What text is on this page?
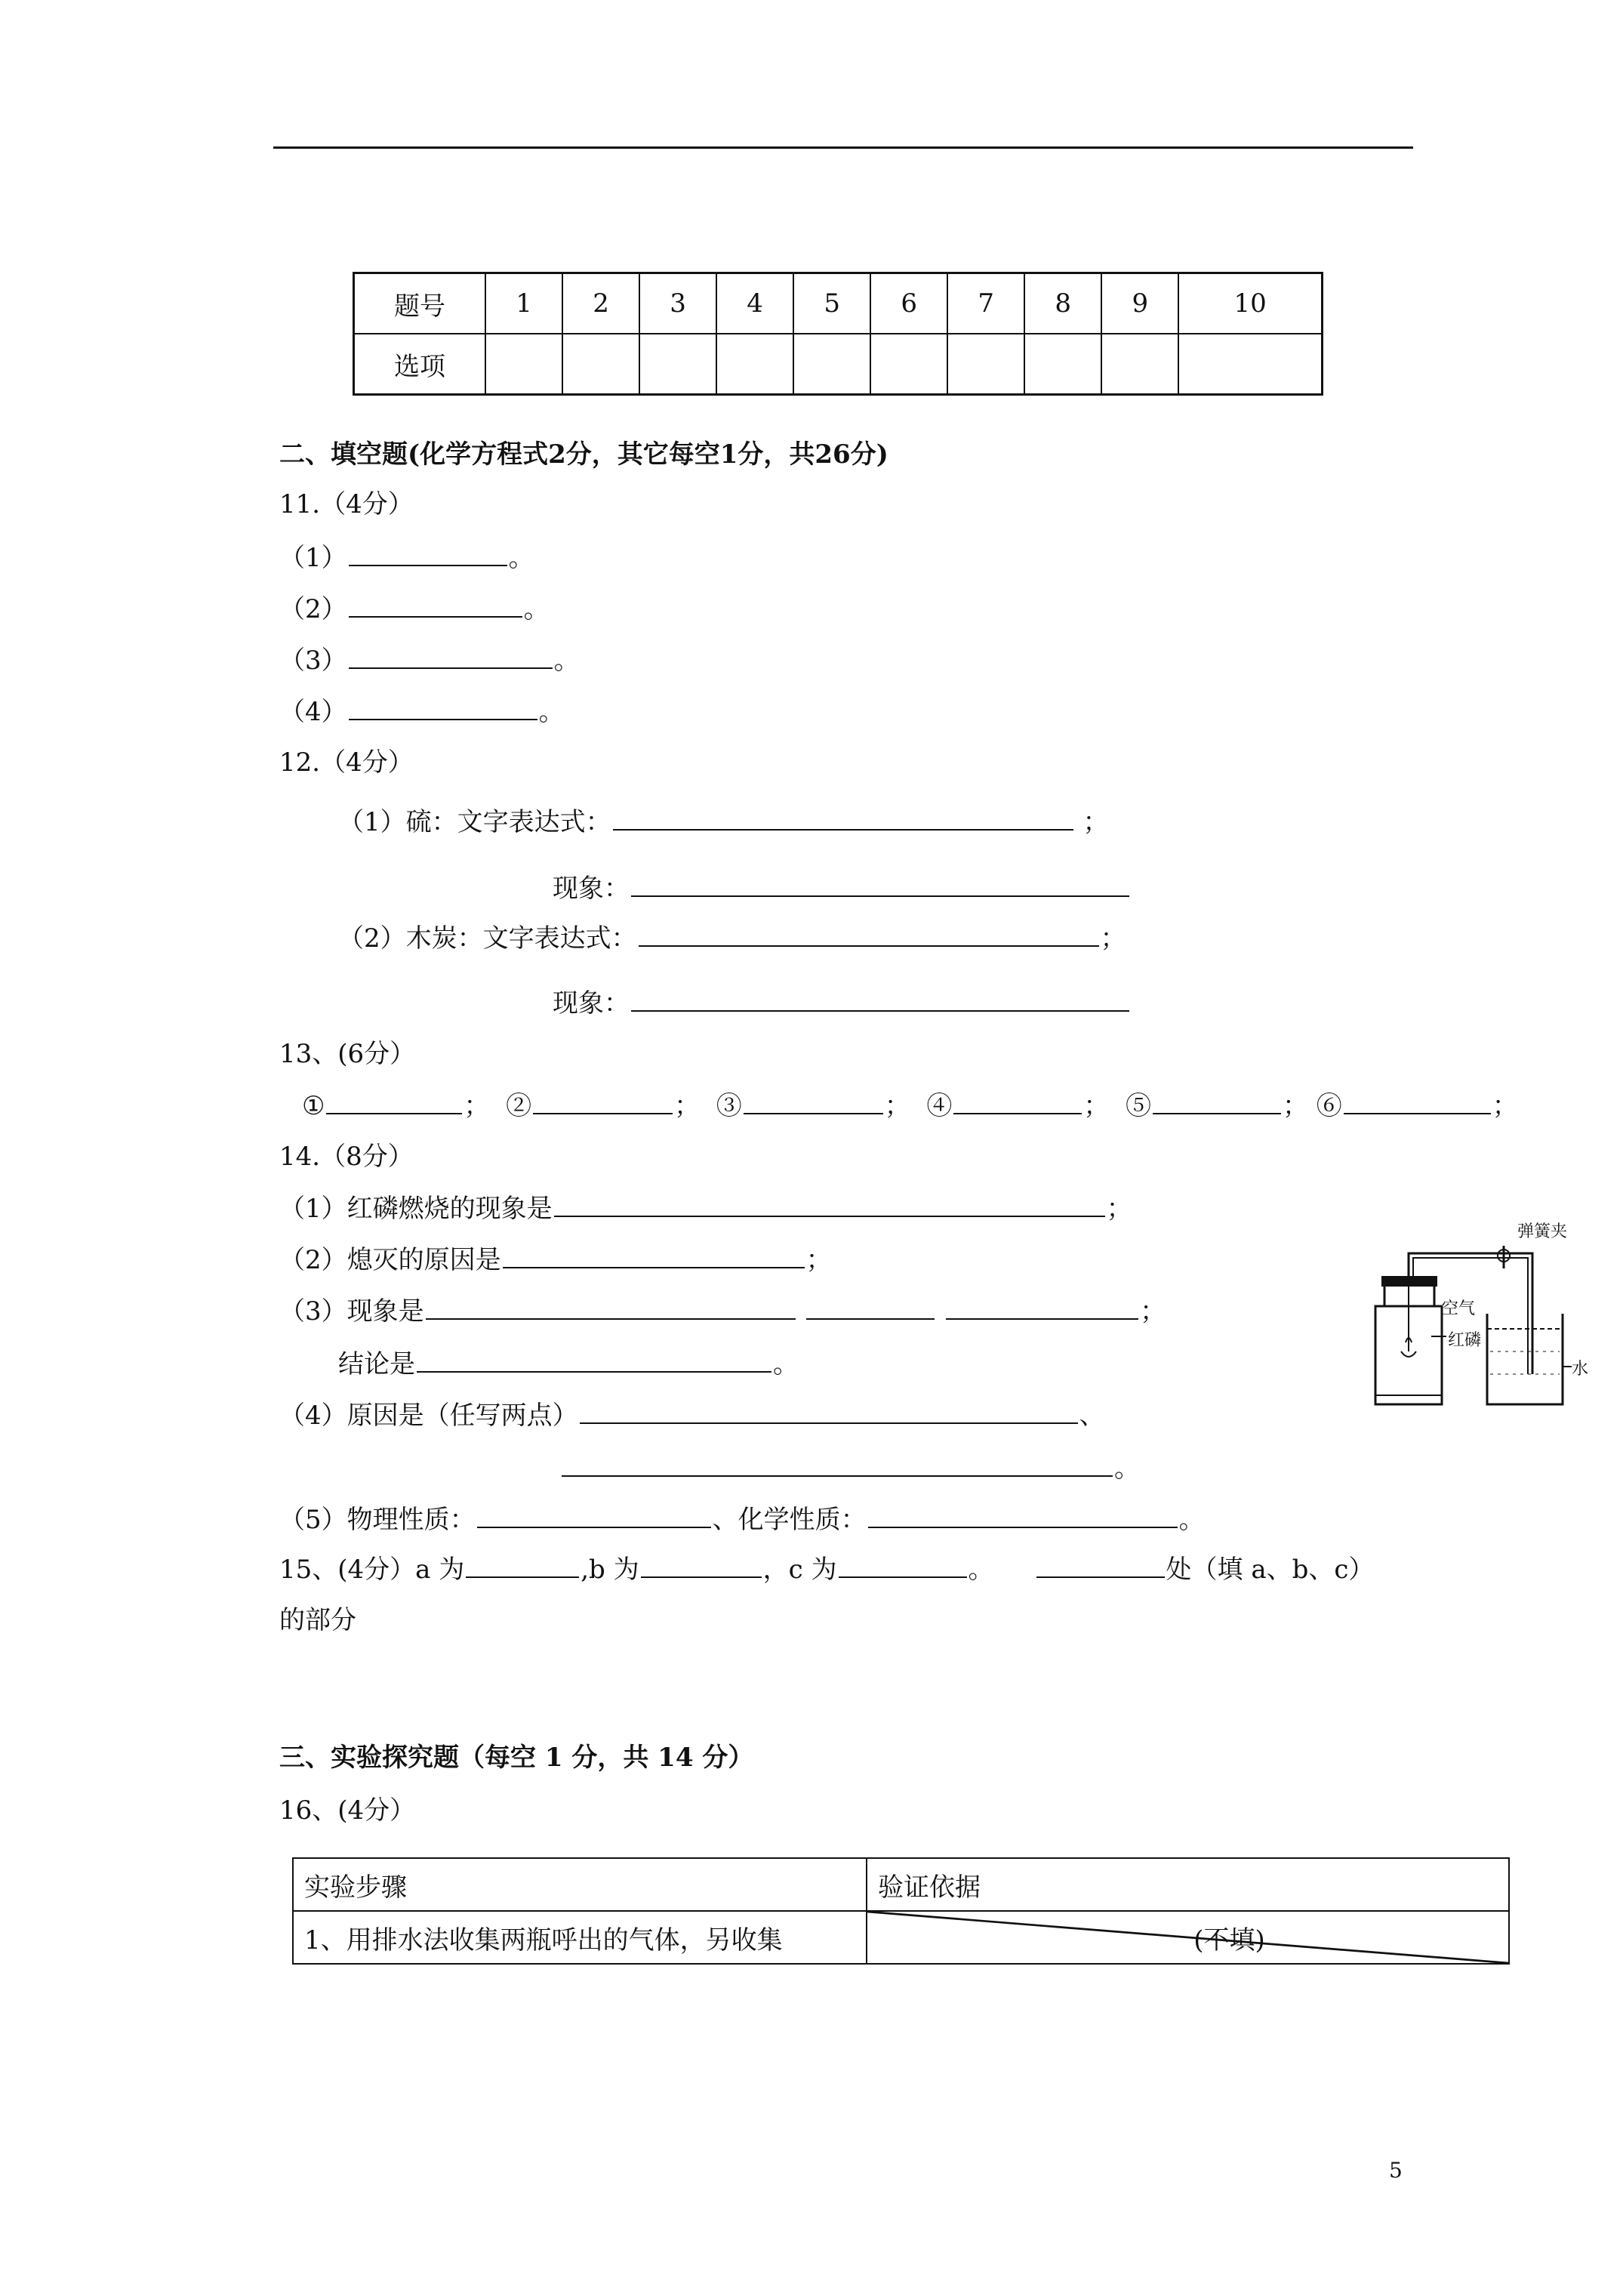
题号	1	2	3	4	5	6	7	8	9	10
选项										
二、填空题(化学方程式2分，其它每空1分，共26分)
11.（4分）
（1）	。
（2）	。
（3）	。
（4）	。
12.（4分）
（1）硫：文字表达式：	；
现象：
（2）木炭：文字表达式：	；
现象：
13、(6分）
①	； ②	； ③	； ④	； ⑤	； ⑥	；
14.（8分）
（1）红磷燃烧的现象是	；
（2）熄灭的原因是	；
（3）现象是	；
结论是	。
（4）原因是（任写两点）	、
。
（5）物理性质：	、化学性质：	。
15、(4分）a 为	,b 为	，c 为	。	处（填 a、b、c）
的部分
弹簧夹
空气
红磷
水
三、实验探究题（每空 1 分，共 14 分）
16、(4分）
实验步骤	验证依据
1、用排水法收集两瓶呼出的气体，另收集	(不填)
5
